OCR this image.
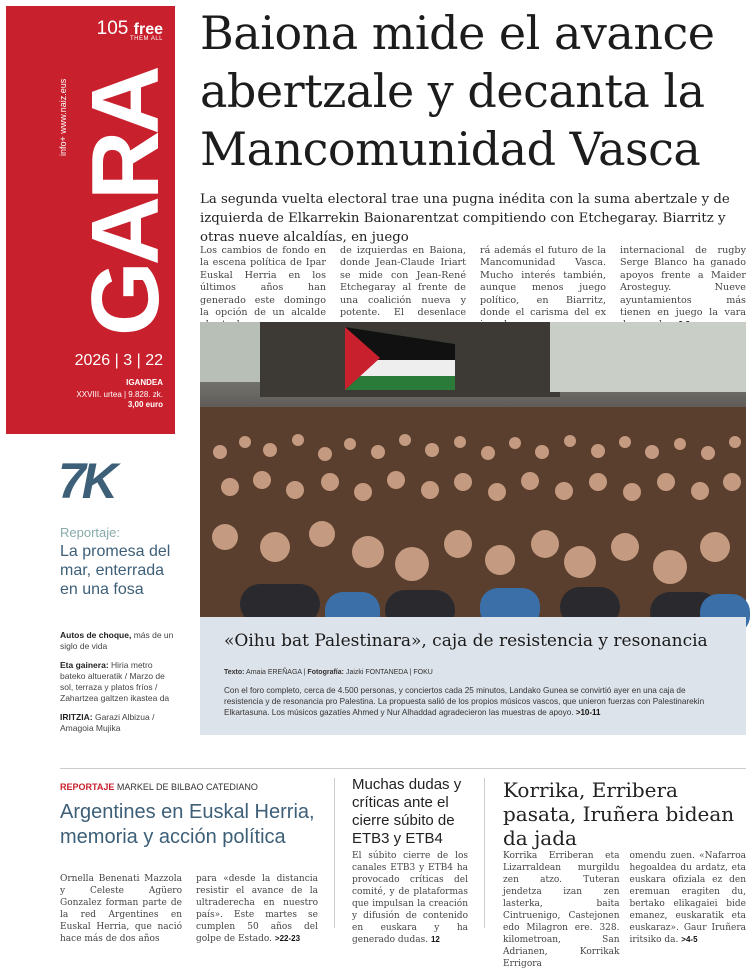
105 free
THEM ALL
info+ www.naiz.eus GARA
2026 | 3 | 22
IGANDEA
XXVIII. urtea | 9.828. zk.
3,00 euro
Baiona mide el avance abertzale y decanta la Mancomunidad Vasca

La segunda vuelta electoral trae una pugna inédita con la suma abertzale y de izquierda de Elkarrekin Baionarentzat compitiendo con Etchegaray. Biarritz y otras nueve alcaldías, en juego

Los cambios de fondo en la escena política de Ipar Euskal Herria en los últimos años han generado este domingo la opción de un alcalde
de izquierdas en Baiona, donde Jean-Claude Iriart se mide con Jean-René Etchegaray al frente de una coalición nueva y potente. El desenlace
rá además el futuro de la Mancomunidad Vasca. Mucho interés también, aunque menos juego político, en Biarritz, donde el carisma del ex
internacional de rugby Serge Blanco ha ganado apoyos frente a Maider Arosteguy. Nueve ayuntamientos más tienen en juego la vara
«Oihu bat Palestinara», caja de resistencia y resonancia
Texto: Amaia EREÑAGA | Fotografía: Jaizki FONTANEDA | FOKU
Con el foro completo, cerca de 4.500 personas, y conciertos cada 25 minutos, Landako Gunea se convirtió ayer en una caja de resistencia y de resonancia pro Palestina. La propuesta salió de los propios músicos vascos, que unieron fuerzas con Palestinarekin Elkartasuna. Los músicos gazatíes Ahmed y Nur Alhaddad agradecieron las muestras de apoyo. >10-11
7K
Reportaje:
La promesa del mar, enterrada en una fosa

Autos de choque, más de un siglo de vida

Eta gainera: Hiria metro bateko altueratik / Marzo de sol, terraza y platos fríos / Zahartzea galtzen ikastea da

IRITZIA: Garazi Albizua / Amagoia Mujika

REPORTAJE MARKEL DE BILBAO CATEDIANO
Argentines en Euskal Herria, memoria y acción política
Ornella Benenati Mazzola y Celeste Agüero Gonzalez forman parte de la red Argentines en Euskal Herria, que nació hace más de dos años
para «desde la distancia resistir el avance de la ultraderecha en nuestro país». Este martes se cumplen 50 años del golpe de Estado. >22-23
Muchas dudas y críticas ante el cierre súbito de ETB3 y ETB4
El súbito cierre de los canales ETB3 y ETB4 ha provocado críticas del comité, y de plataformas que impulsan la creación y difusión de contenido en euskara y ha generado dudas. 12
Korrika, Erribera pasata, Iruñera bidean da jada
Korrika Erriberan eta Lizarraldean murgildu zen atzo. Tuteran jendetza izan zen lasterka, baita Cintruenigo, Castejonen edo Milagron ere. 328. kilometroan, San Adrianen, Korrikak Errigora
omendu zuen. «Nafarroa hegoaldea du ardatz, eta euskara ofiziala ez den eremuan eragiten du, bertako elikagaiei bide emanez, euskaratik eta euskaraz». Gaur Iruñera iritsiko da. >4-5
